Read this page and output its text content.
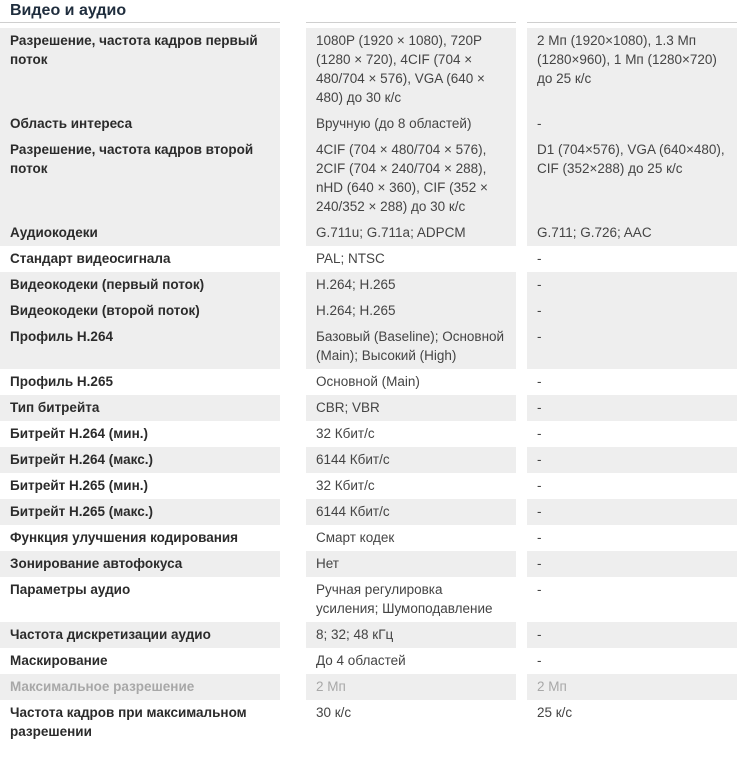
Видео и аудио
Разрешение, частота кадров первый поток	1080P (1920 × 1080), 720P (1280 × 720), 4CIF (704 × 480/704 × 576), VGA (640 × 480) до 30 к/с	2 Мп (1920×1080), 1.3 Мп (1280×960), 1 Мп (1280×720) до 25 к/с
Область интереса	Вручную (до 8 областей)	-
Разрешение, частота кадров второй поток	4CIF (704 × 480/704 × 576), 2CIF (704 × 240/704 × 288), nHD (640 × 360), CIF (352 × 240/352 × 288) до 30 к/с	D1 (704×576), VGA (640×480), CIF (352×288) до 25 к/с
Аудиокодеки	G.711u; G.711a; ADPCM	G.711; G.726; AAC
Стандарт видеосигнала	PAL; NTSC	-
Видеокодеки (первый поток)	H.264; H.265	-
Видеокодеки (второй поток)	H.264; H.265	-
Профиль H.264	Базовый (Baseline); Основной (Main); Высокий (High)	-
Профиль H.265	Основной (Main)	-
Тип битрейта	CBR; VBR	-
Битрейт H.264 (мин.)	32 Кбит/с	-
Битрейт H.264 (макс.)	6144 Кбит/с	-
Битрейт H.265 (мин.)	32 Кбит/с	-
Битрейт H.265 (макс.)	6144 Кбит/с	-
Функция улучшения кодирования	Смарт кодек	-
Зонирование автофокуса	Нет	-
Параметры аудио	Ручная регулировка усиления; Шумоподавление	-
Частота дискретизации аудио	8; 32; 48 кГц	-
Маскирование	До 4 областей	-
Максимальное разрешение	2 Мп	2 Мп
Частота кадров при максимальном разрешении	30 к/с	25 к/с
